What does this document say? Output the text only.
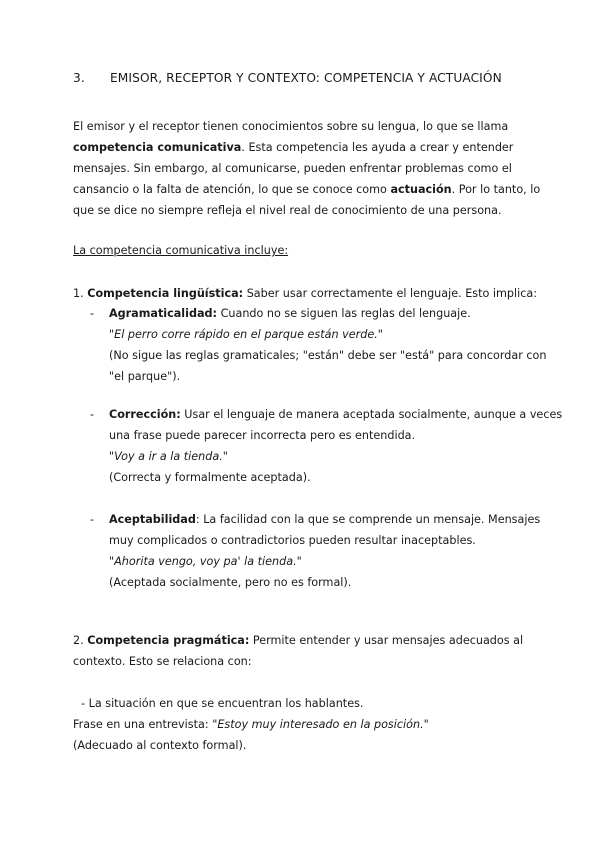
3. EMISOR, RECEPTOR Y CONTEXTO: COMPETENCIA Y ACTUACIÓN
El emisor y el receptor tienen conocimientos sobre su lengua, lo que se llama
competencia comunicativa. Esta competencia les ayuda a crear y entender
mensajes. Sin embargo, al comunicarse, pueden enfrentar problemas como el
cansancio o la falta de atención, lo que se conoce como actuación. Por lo tanto, lo
que se dice no siempre refleja el nivel real de conocimiento de una persona.
La competencia comunicativa incluye:
1. Competencia lingüística: Saber usar correctamente el lenguaje. Esto implica:
- Agramaticalidad: Cuando no se siguen las reglas del lenguaje.
"El perro corre rápido en el parque están verde."
(No sigue las reglas gramaticales; "están" debe ser "está" para concordar con
"el parque").
- Corrección: Usar el lenguaje de manera aceptada socialmente, aunque a veces
una frase puede parecer incorrecta pero es entendida.
"Voy a ir a la tienda."
(Correcta y formalmente aceptada).
- Aceptabilidad: La facilidad con la que se comprende un mensaje. Mensajes
muy complicados o contradictorios pueden resultar inaceptables.
"Ahorita vengo, voy pa' la tienda."
(Aceptada socialmente, pero no es formal).
2. Competencia pragmática: Permite entender y usar mensajes adecuados al
contexto. Esto se relaciona con:
- La situación en que se encuentran los hablantes.
Frase en una entrevista: "Estoy muy interesado en la posición."
(Adecuado al contexto formal).
